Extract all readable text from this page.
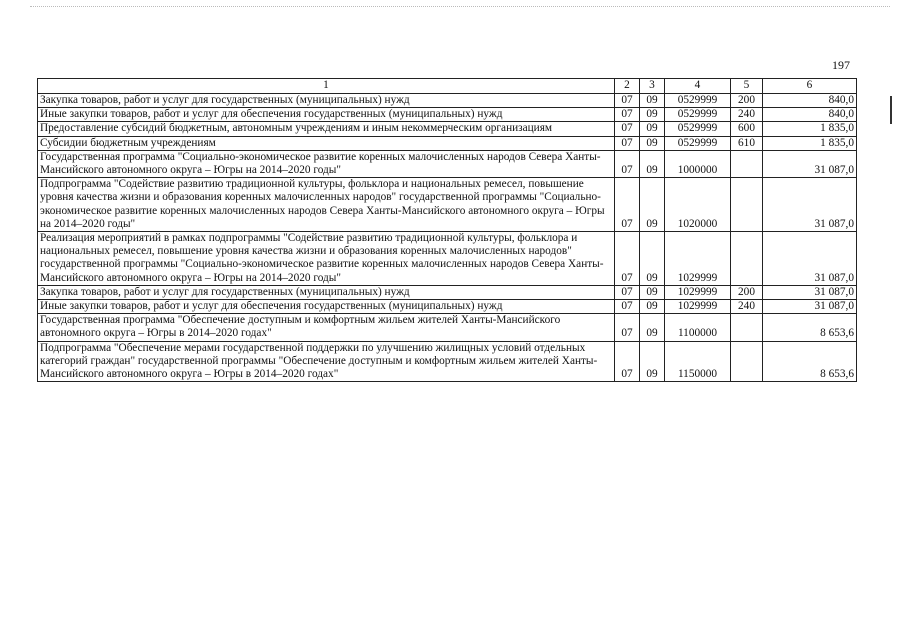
197
1	2	3	4	5	6
Закупка товаров, работ и услуг для государственных (муниципальных) нужд	07	09	0529999	200	840,0
Иные закупки товаров, работ и услуг для обеспечения государственных (муниципальных) нужд	07	09	0529999	240	840,0
Предоставление субсидий бюджетным, автономным учреждениям и иным некоммерческим организациям	07	09	0529999	600	1 835,0
Субсидии бюджетным учреждениям	07	09	0529999	610	1 835,0
Государственная программа "Социально-экономическое развитие коренных малочисленных народов Севера Ханты-Мансийского автономного округа – Югры на 2014–2020 годы"	07	09	1000000		31 087,0
Подпрограмма "Содействие развитию традиционной культуры, фольклора и национальных ремесел, повышение уровня качества жизни и образования коренных малочисленных народов" государственной программы "Социально-экономическое развитие коренных малочисленных народов Севера Ханты-Мансийского автономного округа – Югры на 2014–2020 годы"	07	09	1020000		31 087,0
Реализация мероприятий в рамках подпрограммы "Содействие развитию традиционной культуры, фольклора и национальных ремесел, повышение уровня качества жизни и образования коренных малочисленных народов" государственной программы "Социально-экономическое развитие коренных малочисленных народов Севера Ханты-Мансийского автономного округа – Югры на 2014–2020 годы"	07	09	1029999		31 087,0
Закупка товаров, работ и услуг для государственных (муниципальных) нужд	07	09	1029999	200	31 087,0
Иные закупки товаров, работ и услуг для обеспечения государственных (муниципальных) нужд	07	09	1029999	240	31 087,0
Государственная программа "Обеспечение доступным и комфортным жильем жителей Ханты-Мансийского автономного округа – Югры в 2014–2020 годах"	07	09	1100000		8 653,6
Подпрограмма "Обеспечение мерами государственной поддержки по улучшению жилищных условий отдельных категорий граждан" государственной программы "Обеспечение доступным и комфортным жильем жителей Ханты-Мансийского автономного округа – Югры в 2014–2020 годах"	07	09	1150000		8 653,6
